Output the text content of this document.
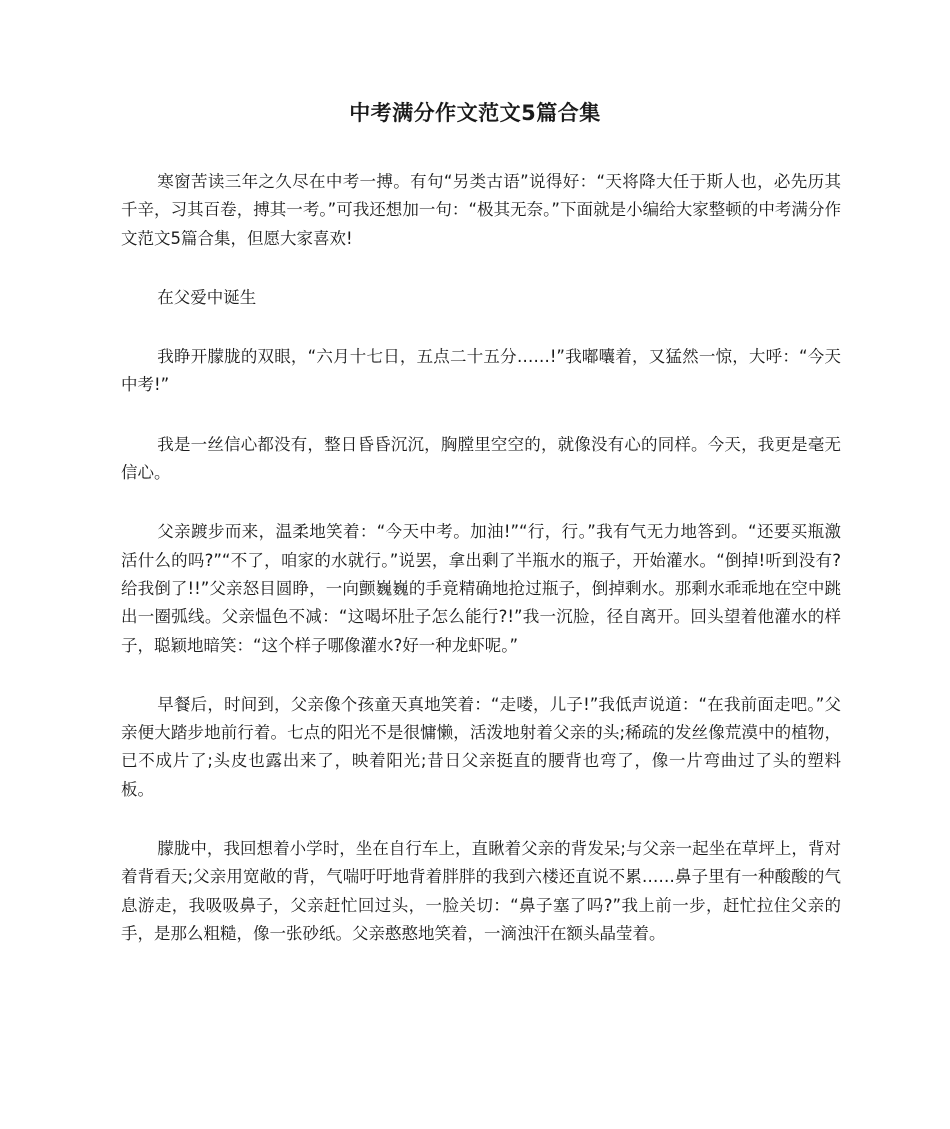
中考满分作文范文5篇合集

寒窗苦读三年之久尽在中考一搏。有句“另类古语”说得好：“天将降大任于斯人也，必先历其千辛，习其百卷，搏其一考。”可我还想加一句：“极其无奈。”下面就是小编给大家整顿的中考满分作文范文5篇合集，但愿大家喜欢!

在父爱中诞生

我睁开朦胧的双眼，“六月十七日，五点二十五分……!”我嘟囔着，又猛然一惊，大呼：“今天中考!”

我是一丝信心都没有，整日昏昏沉沉，胸膛里空空的，就像没有心的同样。今天，我更是毫无信心。

父亲踱步而来，温柔地笑着：“今天中考。加油!”“行，行。”我有气无力地答到。“还要买瓶激活什么的吗?”“不了，咱家的水就行。”说罢，拿出剩了半瓶水的瓶子，开始灌水。“倒掉!听到没有?给我倒了!!”父亲怒目圆睁，一向颤巍巍的手竟精确地抢过瓶子，倒掉剩水。那剩水乖乖地在空中跳出一圈弧线。父亲愠色不减：“这喝坏肚子怎么能行?!”我一沉脸，径自离开。回头望着他灌水的样子，聪颖地暗笑：“这个样子哪像灌水?好一种龙虾呢。”

早餐后，时间到，父亲像个孩童天真地笑着：“走喽，儿子!”我低声说道：“在我前面走吧。”父亲便大踏步地前行着。七点的阳光不是很慵懒，活泼地射着父亲的头;稀疏的发丝像荒漠中的植物，已不成片了;头皮也露出来了，映着阳光;昔日父亲挺直的腰背也弯了，像一片弯曲过了头的塑料板。

朦胧中，我回想着小学时，坐在自行车上，直瞅着父亲的背发呆;与父亲一起坐在草坪上，背对着背看天;父亲用宽敞的背，气喘吁吁地背着胖胖的我到六楼还直说不累……鼻子里有一种酸酸的气息游走，我吸吸鼻子，父亲赶忙回过头，一脸关切：“鼻子塞了吗?”我上前一步，赶忙拉住父亲的手，是那么粗糙，像一张砂纸。父亲憨憨地笑着，一滴浊汗在额头晶莹着。
